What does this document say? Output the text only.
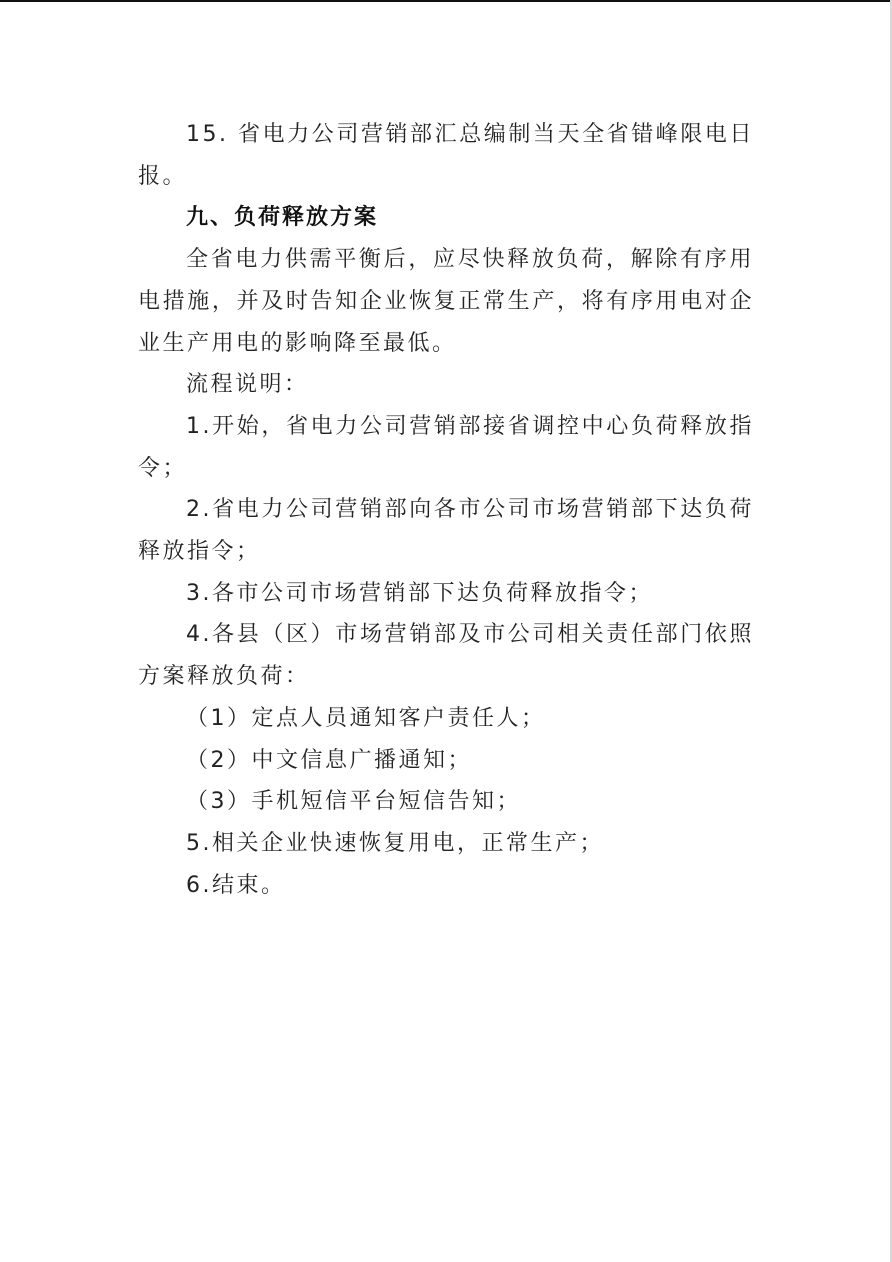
15. 省电力公司营销部汇总编制当天全省错峰限电日报。

九、负荷释放方案

全省电力供需平衡后，应尽快释放负荷，解除有序用电措施，并及时告知企业恢复正常生产，将有序用电对企业生产用电的影响降至最低。

流程说明：

1.开始，省电力公司营销部接省调控中心负荷释放指令；

2.省电力公司营销部向各市公司市场营销部下达负荷释放指令；

3.各市公司市场营销部下达负荷释放指令；

4.各县（区）市场营销部及市公司相关责任部门依照方案释放负荷：

（1）定点人员通知客户责任人；

（2）中文信息广播通知；

（3）手机短信平台短信告知；

5.相关企业快速恢复用电，正常生产；

6.结束。
